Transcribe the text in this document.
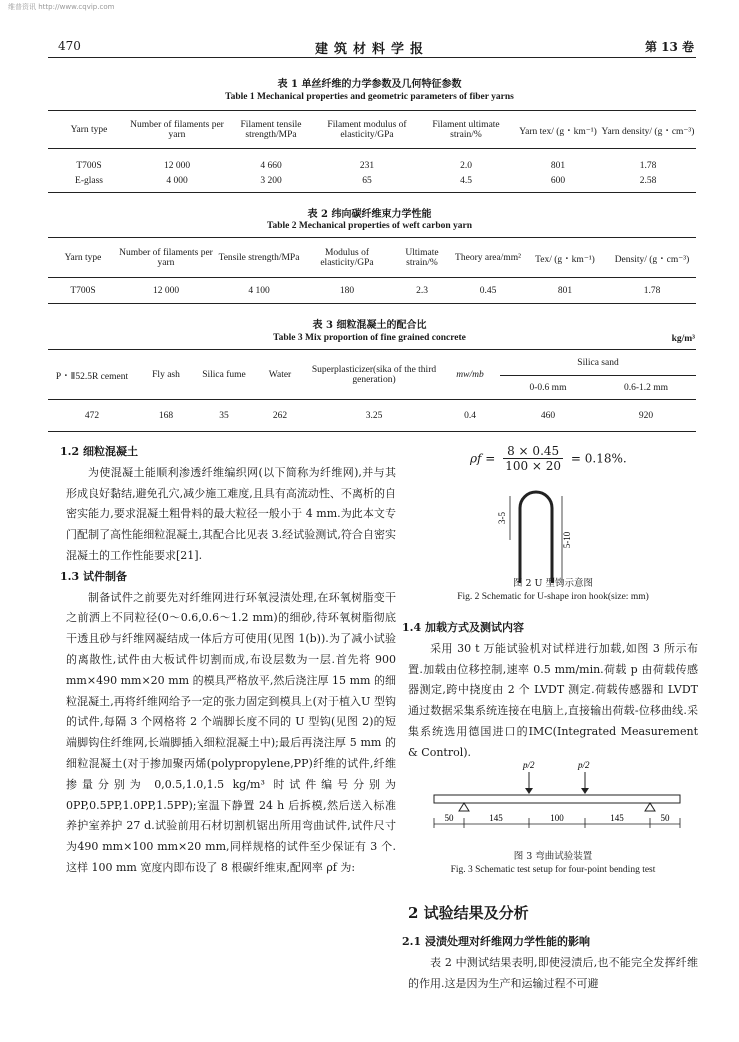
维普资讯 http://www.cqvip.com
470	建筑材料学报	第 13 卷
表 1 单丝纤维的力学参数及几何特征参数
Table 1 Mechanical properties and geometric parameters of fiber yarns
Yarn type	Number of filaments per yarn	Filament tensile strength/MPa	Filament modulus of elasticity/GPa	Filament ultimate strain/%	Yarn tex/ (g・km⁻¹)	Yarn density/ (g・cm⁻³)
T700S	12 000	4 660	231	2.0	801	1.78
E-glass	4 000	3 200	65	4.5	600	2.58
表 2 纬向碳纤维束力学性能
Table 2 Mechanical properties of weft carbon yarn
Yarn type	Number of filaments per yarn	Tensile strength/MPa	Modulus of elasticity/GPa	Ultimate strain/%	Theory area/mm²	Tex/ (g・km⁻¹)	Density/ (g・cm⁻³)
T700S	12 000	4 100	180	2.3	0.45	801	1.78
表 3 细粒混凝土的配合比
Table 3 Mix proportion of fine grained concrete	kg/m³
P・Ⅱ52.5R cement	Fly ash	Silica fume	Water	Superplasticizer(sika of the third generation)	mw/mb	Silica sand	
						0-0.6 mm	0.6-1.2 mm
472	168	35	262	3.25	0.4	460	920
1.2 细粒混凝土
为使混凝土能顺利渗透纤维编织网(以下简称为纤维网),并与其形成良好黏结,避免孔穴,减少施工难度,且具有高流动性、不离析的自密实能力,要求混凝土粗骨料的最大粒径一般小于 4 mm.为此本文专门配制了高性能细粒混凝土,其配合比见表 3.经试验测试,符合自密实混凝土的工作性能要求[21].
1.3 试件制备
制备试件之前要先对纤维网进行环氧浸渍处理,在环氧树脂变干之前洒上不同粒径(0～0.6,0.6～1.2 mm)的细砂,待环氧树脂彻底干透且砂与纤维网凝结成一体后方可使用(见图 1(b)).为了减小试验的离散性,试件由大板试件切割而成,布设层数为一层.首先将 900 mm×490 mm×20 mm 的模具严格放平,然后浇注厚 15 mm 的细粒混凝土,再将纤维网给予一定的张力固定到模具上(对于植入U 型钩的试件,每隔 3 个网格将 2 个端脚长度不同的 U 型钩(见图 2)的短端脚钩住纤维网,长端脚插入细粒混凝土中);最后再浇注厚 5 mm 的细粒混凝土(对于掺加聚丙烯(polypropylene,PP)纤维的试件,纤维掺量分别为 0,0.5,1.0,1.5 kg/m³ 时试件编号分别为 0PP,0.5PP,1.0PP,1.5PP);室温下静置 24 h 后拆模,然后送入标准养护室养护 27 d.试验前用石材切割机锯出所用弯曲试件,试件尺寸为490 mm×100 mm×20 mm,同样规格的试件至少保证有 3 个.这样 100 mm 宽度内即布设了 8 根碳纤维束,配网率 ρf 为:
$\rho f = \frac{8 \times 0.45}{100 \times 20} = 0.18\%$.
3-5
5-10
图 2 U 型钩示意图
Fig. 2 Schematic for U-shape iron hook(size: mm)
1.4 加载方式及测试内容
采用 30 t 万能试验机对试样进行加载,如图 3 所示布置.加载由位移控制,速率 0.5 mm/min.荷载 p 由荷载传感器测定,跨中挠度由 2 个 LVDT 测定.荷载传感器和 LVDT 通过数据采集系统连接在电脑上,直接输出荷载-位移曲线.采集系统选用德国进口的IMC(Integrated Measurement & Control).
p/2	p/2
50	145	100	145	50
图 3 弯曲试验装置
Fig. 3 Schematic test setup for four-point bending test
2 试验结果及分析
2.1 浸渍处理对纤维网力学性能的影响
表 2 中测试结果表明,即使浸渍后,也不能完全发挥纤维的作用.这是因为生产和运输过程不可避
